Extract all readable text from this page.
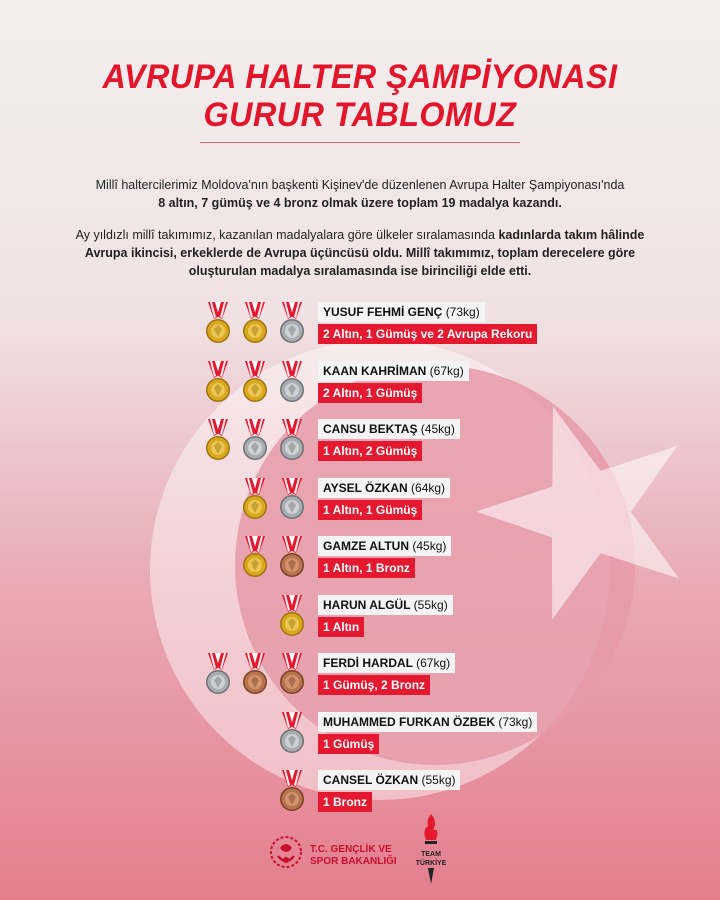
AVRUPA HALTER ŞAMPİYONASI
GURUR TABLOMUZ

Millî haltercilerimiz Moldova'nın başkenti Kişinev'de düzenlenen Avrupa Halter Şampiyonası'nda
8 altın, 7 gümüş ve 4 bronz olmak üzere toplam 19 madalya kazandı.

Ay yıldızlı millî takımımız, kazanılan madalyalara göre ülkeler sıralamasında kadınlarda takım hâlinde Avrupa ikincisi, erkeklerde de Avrupa üçüncüsü oldu. Millî takımımız, toplam derecelere göre oluşturulan madalya sıralamasında ise birinciliği elde etti.

YUSUF FEHMİ GENÇ (73kg)
2 Altın, 1 Gümüş ve 2 Avrupa Rekoru
KAAN KAHRİMAN (67kg)
2 Altın, 1 Gümüş
CANSU BEKTAŞ (45kg)
1 Altın, 2 Gümüş
AYSEL ÖZKAN (64kg)
1 Altın, 1 Gümüş
GAMZE ALTUN (45kg)
1 Altın, 1 Bronz
HARUN ALGÜL (55kg)
1 Altın
FERDİ HARDAL (67kg)
1 Gümüş, 2 Bronz
MUHAMMED FURKAN ÖZBEK (73kg)
1 Gümüş
CANSEL ÖZKAN (55kg)
1 Bronz
T.C. GENÇLİK VE
SPOR BAKANLIĞI
TEAM
TÜRKİYE
